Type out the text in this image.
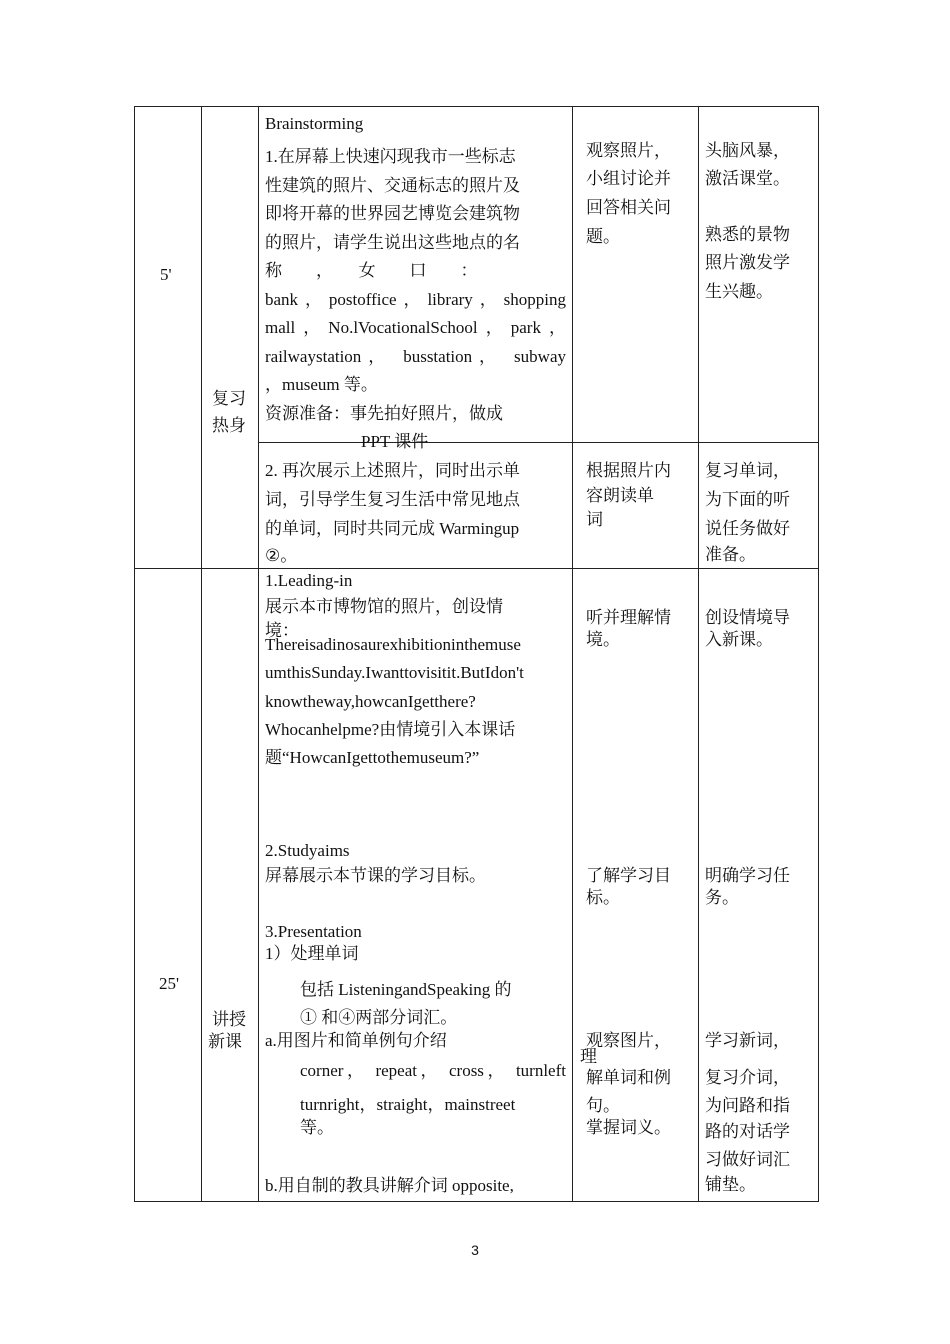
5'
复习
热身
Brainstorming
1.在屏幕上快速闪现我市一些标志
性建筑的照片、交通标志的照片及
即将开幕的世界园艺博览会建筑物
的照片，请学生说出这些地点的名
称　　，　　女　　口　　：
bank，postoffice，library，shopping
mall，No.lVocationalSchool，park，
railwaystation， busstation， subway
，museum 等。
资源准备：事先拍好照片，做成
PPT 课件
观察照片，
小组讨论并
回答相关问
题。
头脑风暴，
激活课堂。
熟悉的景物
照片激发学
生兴趣。
2. 再次展示上述照片，同时出示单
词，引导学生复习生活中常见地点
的单词，同时共同元成 Warmingup
②。
根据照片内
容朗读单
词
复习单词，
为下面的听
说任务做好
准备。
25'
讲授
新课
1.Leading-in
展示本市博物馆的照片，创设情
境：
Thereisadinosaurexhibitioninthemuse
umthisSunday.Iwanttovisitit.ButIdon't
knowtheway,howcanIgetthere?
Whocanhelpme?由情境引入本课话
题“HowcanIgettothemuseum?”
听并理解情
境。
创设情境导
入新课。
2.Studyaims
屏幕展示本节课的学习目标。	了解学习目
标。
明确学习任
务。
3.Presentation
1）处理单词
包括 ListeningandSpeaking 的
① 和④两部分词汇。
a.用图片和简单例句介绍
corner， repeat， cross， turnleft
turnright，straight，mainstreet
等。
b.用自制的教具讲解介词 opposite,
观察图片，
理
解单词和例
句。
掌握词义。
学习新词，
复习介词，
为问路和指
路的对话学
习做好词汇
铺垫。
3
